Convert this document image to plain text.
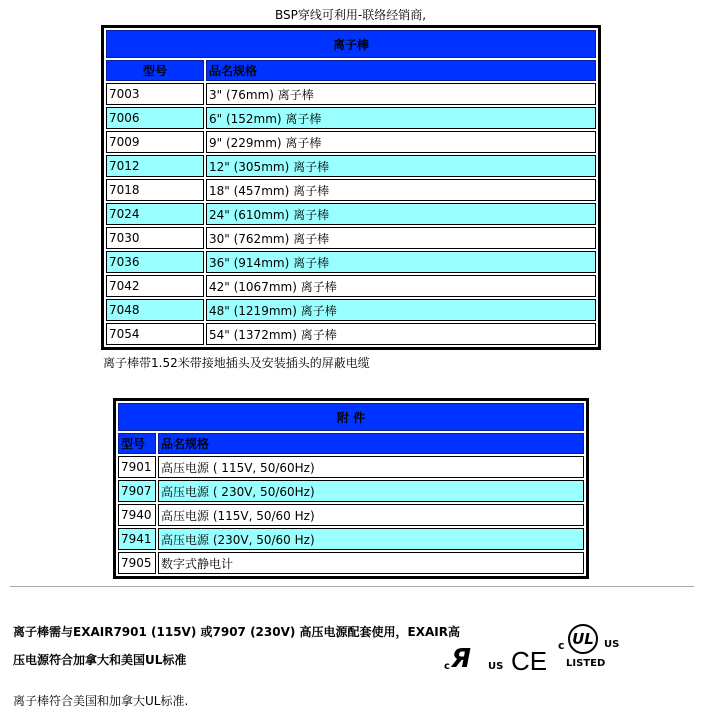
BSP穿线可利用-联络经销商,
离子棒	
型号	品名规格
7003	3" (76mm) 离子棒
7006	6" (152mm) 离子棒
7009	9" (229mm) 离子棒
7012	12" (305mm) 离子棒
7018	18" (457mm) 离子棒
7024	24" (610mm) 离子棒
7030	30" (762mm) 离子棒
7036	36" (914mm) 离子棒
7042	42" (1067mm) 离子棒
7048	48" (1219mm) 离子棒
7054	54" (1372mm) 离子棒
离子棒带1.52米带接地插头及安装插头的屏蔽电缆
附 件	
型号	品名规格
7901	高压电源 ( 115V, 50/60Hz)
7907	高压电源 ( 230V, 50/60Hz)
7940	高压电源 (115V, 50/60 Hz)
7941	高压电源 (230V, 50/60 Hz)
7905	数字式静电计
离子棒需与EXAIR7901 (115V) 或7907 (230V) 高压电源配套使用，EXAIR高
压电源符合加拿大和美国UL标准
离子棒符合美国和加拿大UL标准.
c Я US CE
c UL US
LISTED
